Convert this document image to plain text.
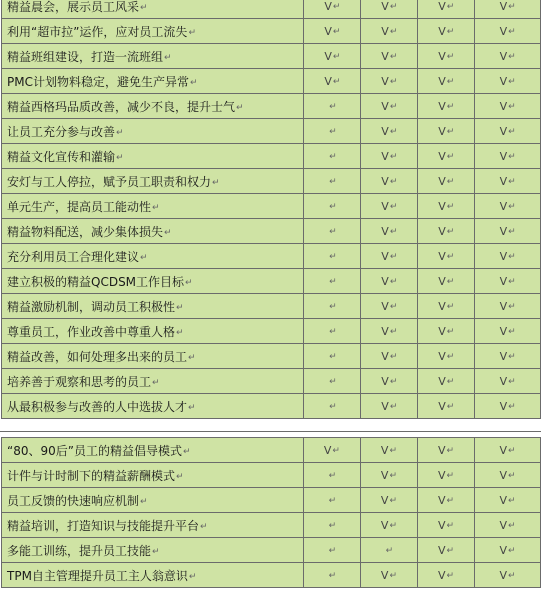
精益晨会，展示员工风采↵	V↵	V↵	V↵	V↵
利用“超市拉”运作，应对员工流失↵	V↵	V↵	V↵	V↵
精益班组建设，打造一流班组↵	V↵	V↵	V↵	V↵
PMC计划物料稳定，避免生产异常↵	V↵	V↵	V↵	V↵
精益西格玛品质改善，减少不良，提升士气↵	↵	V↵	V↵	V↵
让员工充分参与改善↵	↵	V↵	V↵	V↵
精益文化宣传和灌输↵	↵	V↵	V↵	V↵
安灯与工人停拉，赋予员工职责和权力↵	↵	V↵	V↵	V↵
单元生产，提高员工能动性↵	↵	V↵	V↵	V↵
精益物料配送，减少集体损失↵	↵	V↵	V↵	V↵
充分利用员工合理化建议↵	↵	V↵	V↵	V↵
建立积极的精益QCDSM工作目标↵	↵	V↵	V↵	V↵
精益激励机制，调动员工积极性↵	↵	V↵	V↵	V↵
尊重员工，作业改善中尊重人格↵	↵	V↵	V↵	V↵
精益改善，如何处理多出来的员工↵	↵	V↵	V↵	V↵
培养善于观察和思考的员工↵	↵	V↵	V↵	V↵
从最积极参与改善的人中选拔人才↵	↵	V↵	V↵	V↵
“80、90后”员工的精益倡导模式↵	V↵	V↵	V↵	V↵
计件与计时制下的精益薪酬模式↵	↵	V↵	V↵	V↵
员工反馈的快速响应机制↵	↵	V↵	V↵	V↵
精益培训，打造知识与技能提升平台↵	↵	V↵	V↵	V↵
多能工训练，提升员工技能↵	↵	↵	V↵	V↵
TPM自主管理提升员工主人翁意识↵	↵	V↵	V↵	V↵
